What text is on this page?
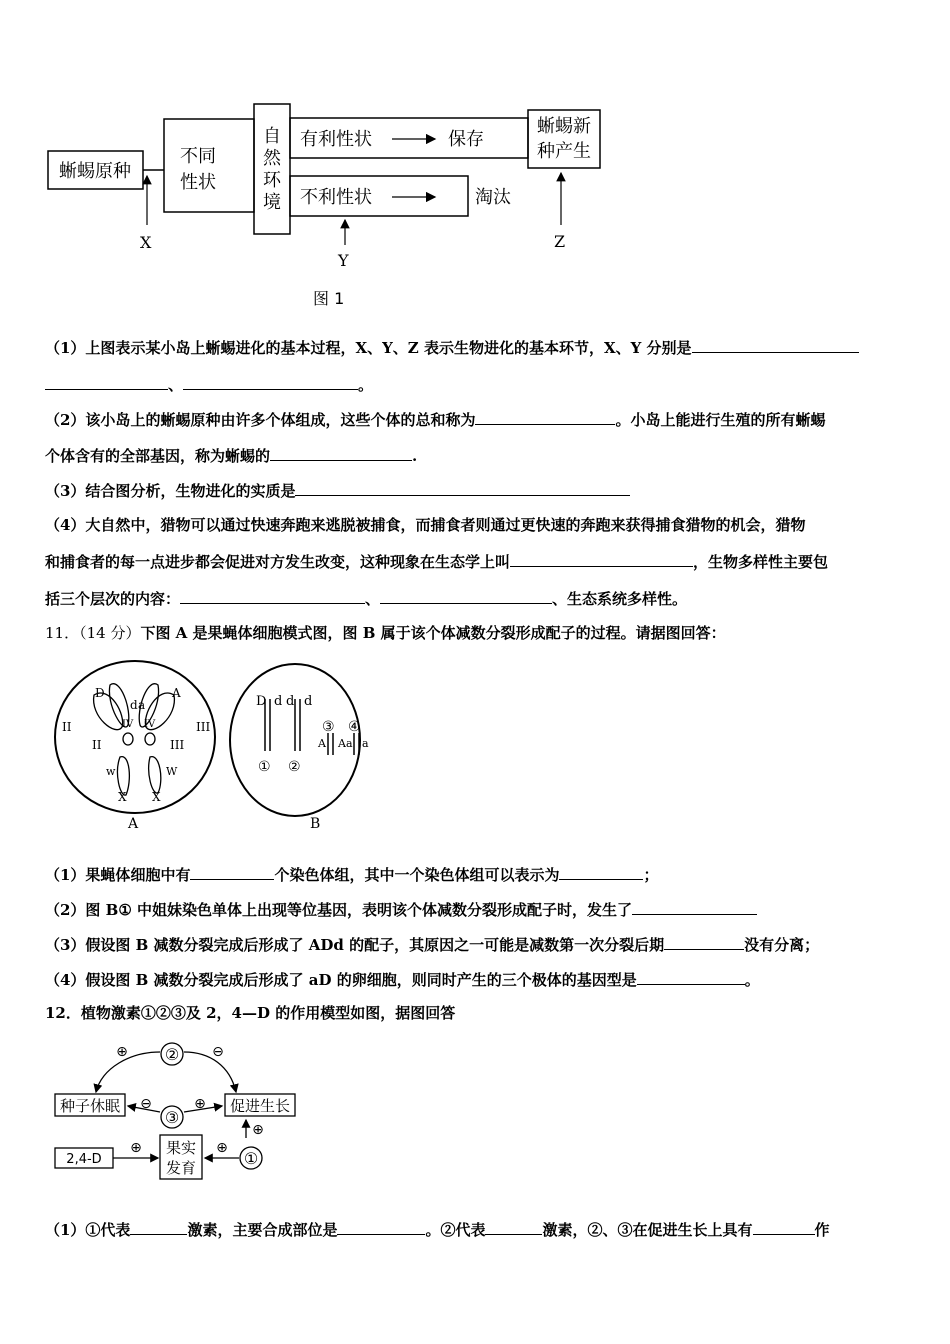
蜥蜴原种
不同
性状
自
然
环
境
有利性状	保存
不利性状	淘汰
蜥蜴新
种产生
X
Y
Z
图 1
（1）上图表示某小岛上蜥蜴进化的基本过程，X、Y、Z 表示生物进化的基本环节，X、Y 分别是
、	。
（2）该小岛上的蜥蜴原种由许多个体组成，这些个体的总和称为	。小岛上能进行生殖的所有蜥蜴
个体含有的全部基因，称为蜥蜴的	.
（3）结合图分析，生物进化的实质是
（4）大自然中，猎物可以通过快速奔跑来逃脱被捕食，而捕食者则通过更快速的奔跑来获得捕食猎物的机会，猎物
和捕食者的每一点进步都会促进对方发生改变，这种现象在生态学上叫	，生物多样性主要包
括三个层次的内容：	、	、生态系统多样性。
11．（14 分）下图 A 是果蝇体细胞模式图，图 B 属于该个体减数分裂形成配子的过程。请据图回答：
D
d a
A
II
II	III
III
IV IV
w	W
X X
A
D d d d
③ ④
A A a a
① ②
B
（1）果蝇体细胞中有	个染色体组，其中一个染色体组可以表示为	；
（2）图 B① 中姐妹染色单体上出现等位基因，表明该个体减数分裂形成配子时，发生了
（3）假设图 B 减数分裂完成后形成了 ADd 的配子，其原因之一可能是减数第一次分裂后期	没有分离；
（4）假设图 B 减数分裂完成后形成了 aD 的卵细胞，则同时产生的三个极体的基因型是	。
12．植物激素①②③及 2，4—D 的作用模型如图，据图回答
②
⊕	⊖
种子休眠	促进生长
③
⊖	⊕
2,4-D
⊕ 果实
发育	①
⊕
⊕
（1）①代表	激素，主要合成部位是	。②代表	激素，②、③在促进生长上具有	作
